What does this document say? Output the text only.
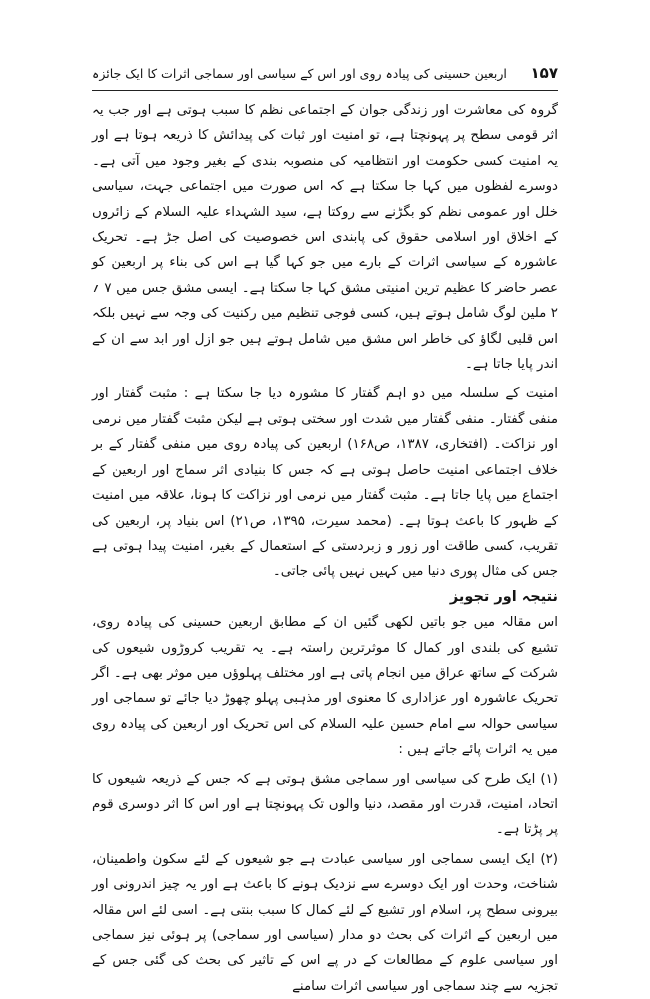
۱۵۷
اربعین حسینی کی پیادہ روی اور اس کے سیاسی اور سماجی اثرات کا ایک جائزہ

گروہ کی معاشرت اور زندگی جوان کے اجتماعی نظم کا سبب ہوتی ہے اور جب یہ اثر قومی سطح پر پہونچتا ہے، تو امنیت اور ثبات کی پیدائش کا ذریعہ ہوتا ہے اور یہ امنیت کسی حکومت اور انتظامیہ کی منصوبہ بندی کے بغیر وجود میں آتی ہے۔ دوسرے لفظوں میں کہا جا سکتا ہے کہ اس صورت میں اجتماعی جہت، سیاسی خلل اور عمومی نظم کو بگڑنے سے روکتا ہے، سید الشہداء علیہ السلام کے زائروں کے اخلاق اور اسلامی حقوق کی پابندی اس خصوصیت کی اصل جڑ ہے۔ تحریک عاشورہ کے سیاسی اثرات کے بارے میں جو کہا گیا ہے اس کی بناء پر اربعین کو عصر حاضر کا عظیم ترین امنیتی مشق کہا جا سکتا ہے۔ ایسی مشق جس میں ۷ ؍ ۲ ملین لوگ شامل ہوتے ہیں، کسی فوجی تنظیم میں رکنیت کی وجہ سے نہیں بلکہ اس قلبی لگاؤ کی خاطر اس مشق میں شامل ہوتے ہیں جو ازل اور ابد سے ان کے اندر پایا جاتا ہے۔

امنیت کے سلسلہ میں دو اہم گفتار کا مشورہ دیا جا سکتا ہے : مثبت گفتار اور منفی گفتار۔ منفی گفتار میں شدت اور سختی ہوتی ہے لیکن مثبت گفتار میں نرمی اور نزاکت۔ (افتخاری، ۱۳۸۷، ص۱۶۸) اربعین کی پیادہ روی میں منفی گفتار کے بر خلاف اجتماعی امنیت حاصل ہوتی ہے کہ جس کا بنیادی اثر سماج اور اربعین کے اجتماع میں پایا جاتا ہے۔ مثبت گفتار میں نرمی اور نزاکت کا ہونا، علاقہ میں امنیت کے ظہور کا باعث ہوتا ہے۔ (محمد سیرت، ۱۳۹۵، ص۲۱) اس بنیاد پر، اربعین کی تقریب، کسی طاقت اور زور و زبردستی کے استعمال کے بغیر، امنیت پیدا ہوتی ہے جس کی مثال پوری دنیا میں کہیں نہیں پائی جاتی۔

نتیجہ اور تجویز

اس مقالہ میں جو باتیں لکھی گئیں ان کے مطابق اربعین حسینی کی پیادہ روی، تشیع کی بلندی اور کمال کا موثرترین راستہ ہے۔ یہ تقریب کروڑوں شیعوں کی شرکت کے ساتھ عراق میں انجام پاتی ہے اور مختلف پہلوؤں میں موثر بھی ہے۔ اگر تحریک عاشورہ اور عزاداری کا معنوی اور مذہبی پہلو چھوڑ دیا جائے تو سماجی اور سیاسی حوالہ سے امام حسین علیہ السلام کی اس تحریک اور اربعین کی پیادہ روی میں یہ اثرات پائے جاتے ہیں :

(۱) ایک طرح کی سیاسی اور سماجی مشق ہوتی ہے کہ جس کے ذریعہ شیعوں کا اتحاد، امنیت، قدرت اور مقصد، دنیا والوں تک پہونچتا ہے اور اس کا اثر دوسری قوم پر پڑتا ہے۔

(۲) ایک ایسی سماجی اور سیاسی عبادت ہے جو شیعوں کے لئے سکون واطمینان، شناخت، وحدت اور ایک دوسرے سے نزدیک ہونے کا باعث ہے اور یہ چیز اندرونی اور بیرونی سطح پر، اسلام اور تشیع کے لئے کمال کا سبب بنتی ہے۔ اسی لئے اس مقالہ میں اربعین کے اثرات کی بحث دو مدار (سیاسی اور سماجی) پر ہوئی نیز سماجی اور سیاسی علوم کے مطالعات کے در پے اس کے تاثیر کی بحث کی گئی جس کے تجزیہ سے چند سماجی اور سیاسی اثرات سامنے
